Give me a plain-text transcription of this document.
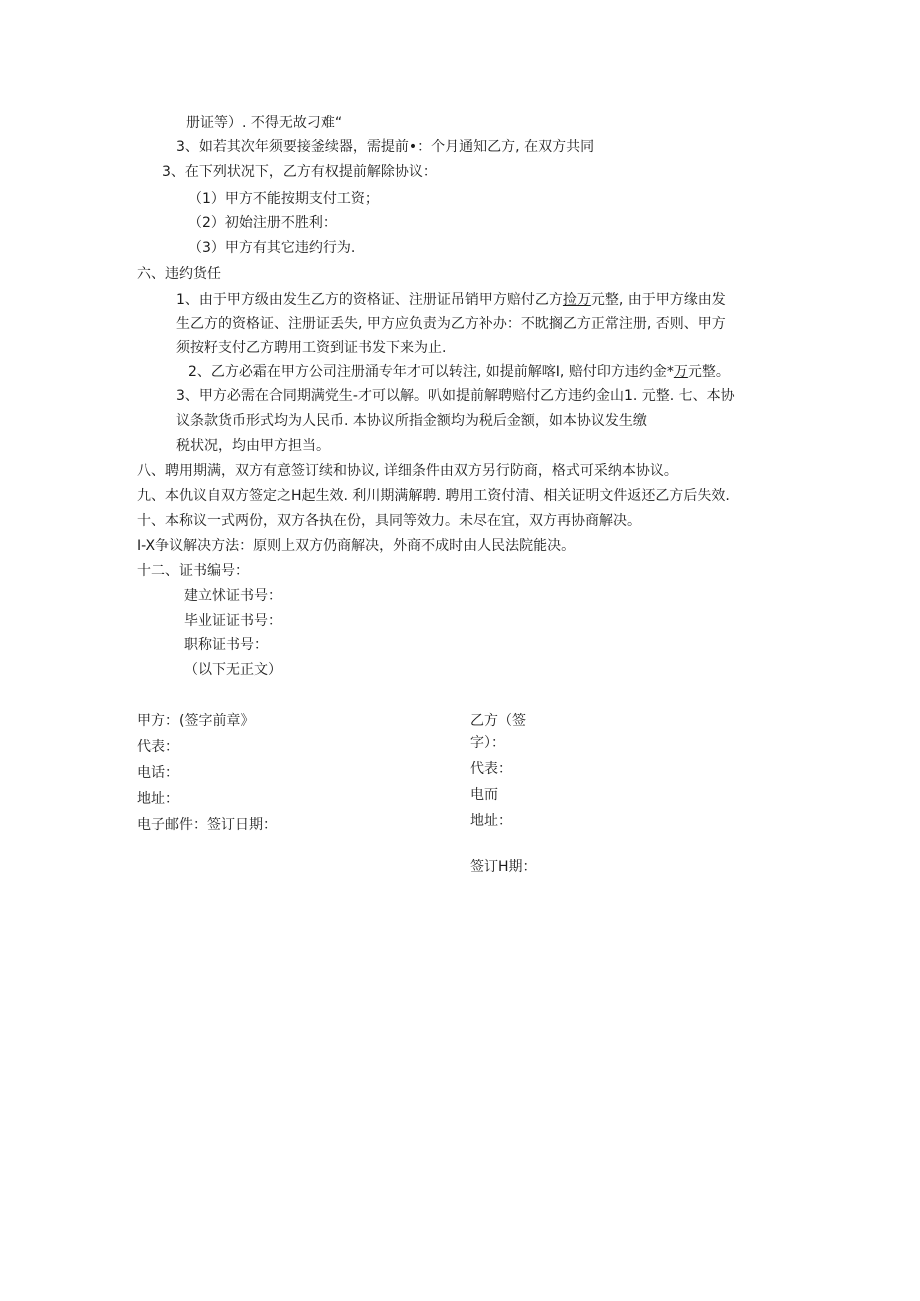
册证等）. 不得无故刁难“
3、如若其次年须要接釜续器，需提前•：个月通知乙方, 在双方共同
3、在下列状况下，乙方有权提前解除协议：
（1）甲方不能按期支付工资；
（2）初始注册不胜利：
（3）甲方有其它违约行为.
六、违约货任
1、由于甲方级由发生乙方的资格证、注册证吊销甲方赔付乙方捡万元整, 由于甲方缘由发
生乙方的资格证、注册证丢失, 甲方应负责为乙方补办：不眈搁乙方正常注册, 否则、甲方
须按籽支付乙方聘用工资到证书发下来为止.
2、乙方必霜在甲方公司注册涌专年才可以转注, 如提前解喀I, 赔付印方违约金*万元整。
3、甲方必需在合同期满党生-才可以解。叭如提前解聘赔付乙方违约金山1. 元整. 七、本协
议条款货币形式均为人民币. 本协议所指金额均为税后金额，如本协议发生缴
税状况，均由甲方担当。
八、聘用期满，双方有意签订续和协议, 详细条件由双方另行防商，格式可采纳本协议。
九、本仇议自双方签定之H起生效. 利川期满解聘. 聘用工资付清、相关证明文件返还乙方后失效.
十、本称议一式两份，双方各执在份，具同等效力。未尽在宜，双方再协商解决。
I-X争议解决方法：原则上双方仍商解决，外商不成时由人民法院能决。
十二、证书编号：
建立怵证书号：
毕业证证书号：
职称证书号：
（以下无正文）
甲方：(签字前章》
代表：
电话：
地址：
电子邮件：签订日期：
乙方（签
字）：
代表：
电而
地址：
签订H期：
